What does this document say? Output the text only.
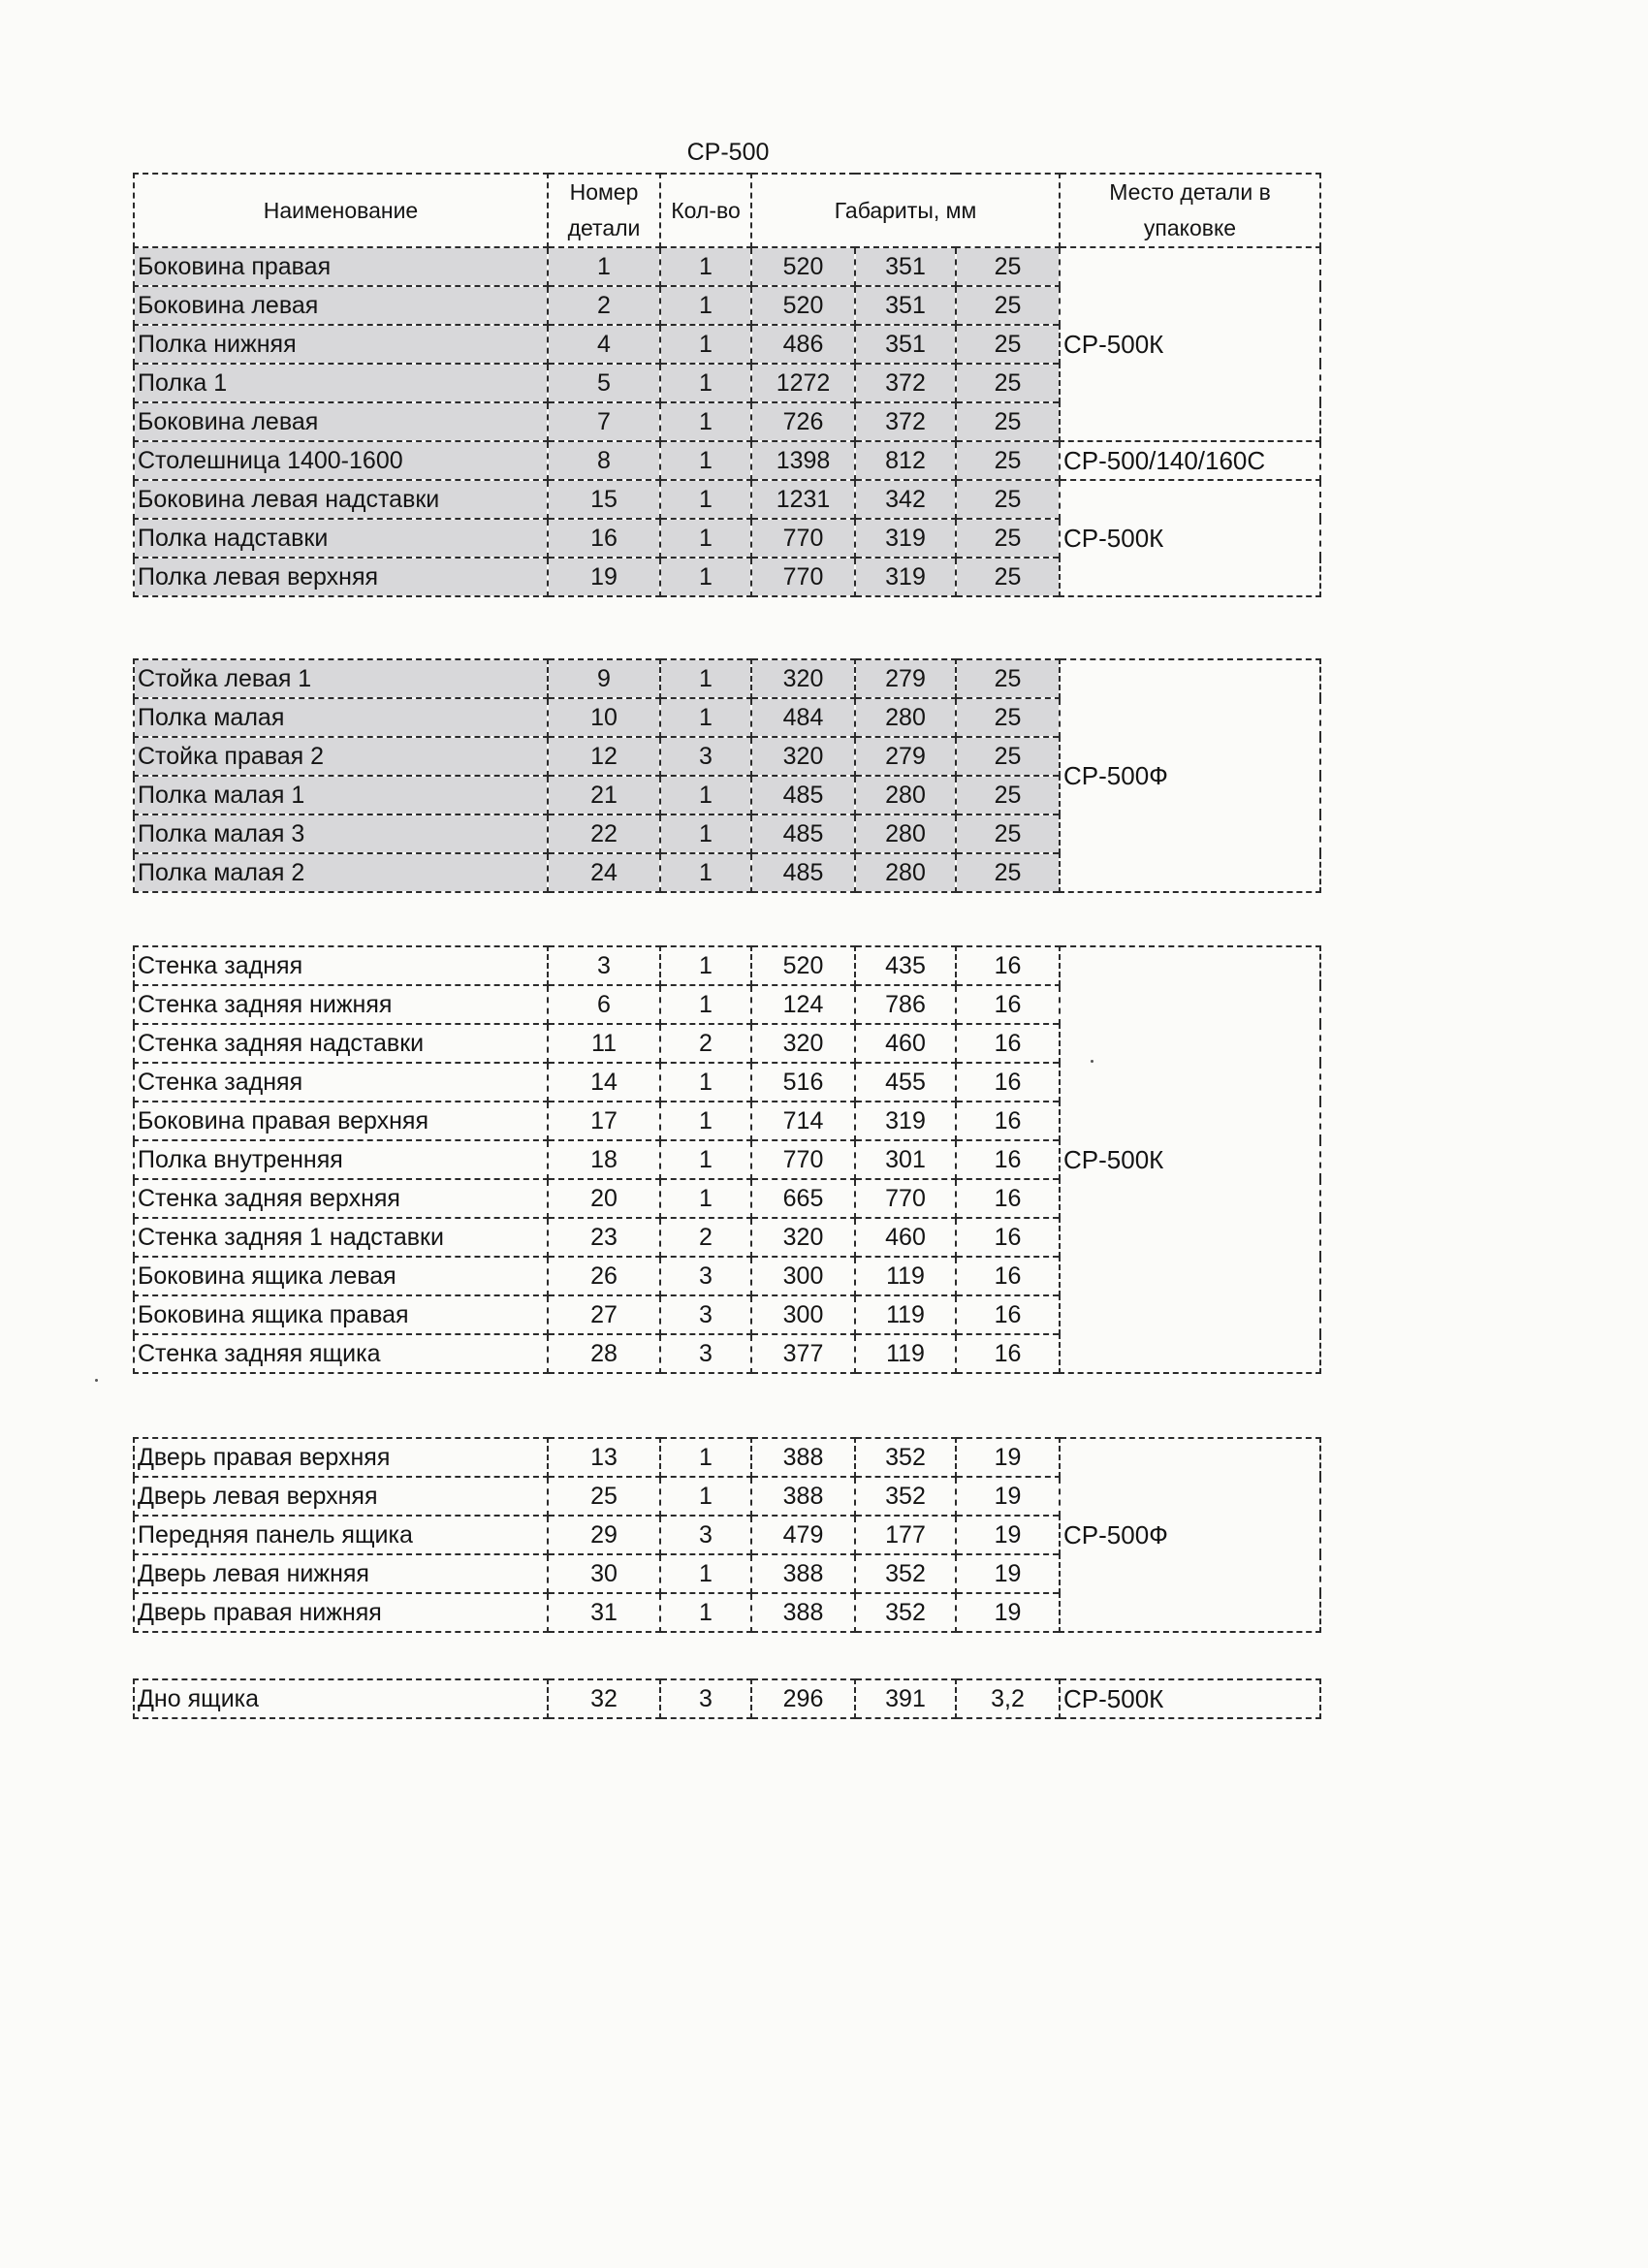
СР-500
Наименование	Номер детали	Кол-во	Габариты, мм			Место детали в упаковке
Боковина правая	1	1	520	351	25	СР-500К
Боковина левая	2	1	520	351	25	
Полка нижняя	4	1	486	351	25	
Полка 1	5	1	1272	372	25	
Боковина левая	7	1	726	372	25	
Столешница 1400-1600	8	1	1398	812	25	СР-500/140/160С
Боковина левая надставки	15	1	1231	342	25	СР-500К
Полка надставки	16	1	770	319	25	
Полка левая верхняя	19	1	770	319	25	
Стойка левая 1	9	1	320	279	25	СР-500Ф
Полка малая	10	1	484	280	25	
Стойка правая 2	12	3	320	279	25	
Полка малая 1	21	1	485	280	25	
Полка малая 3	22	1	485	280	25	
Полка малая 2	24	1	485	280	25	
Стенка задняя	3	1	520	435	16	СР-500К
Стенка задняя нижняя	6	1	124	786	16	
Стенка задняя надставки	11	2	320	460	16	
Стенка задняя	14	1	516	455	16	
Боковина правая верхняя	17	1	714	319	16	
Полка внутренняя	18	1	770	301	16	
Стенка задняя верхняя	20	1	665	770	16	
Стенка задняя 1 надставки	23	2	320	460	16	
Боковина ящика левая	26	3	300	119	16	
Боковина ящика правая	27	3	300	119	16	
Стенка задняя ящика	28	3	377	119	16	
Дверь правая верхняя	13	1	388	352	19	СР-500Ф
Дверь левая верхняя	25	1	388	352	19	
Передняя панель ящика	29	3	479	177	19	
Дверь левая нижняя	30	1	388	352	19	
Дверь правая нижняя	31	1	388	352	19	
Дно ящика	32	3	296	391	3,2	СР-500К
